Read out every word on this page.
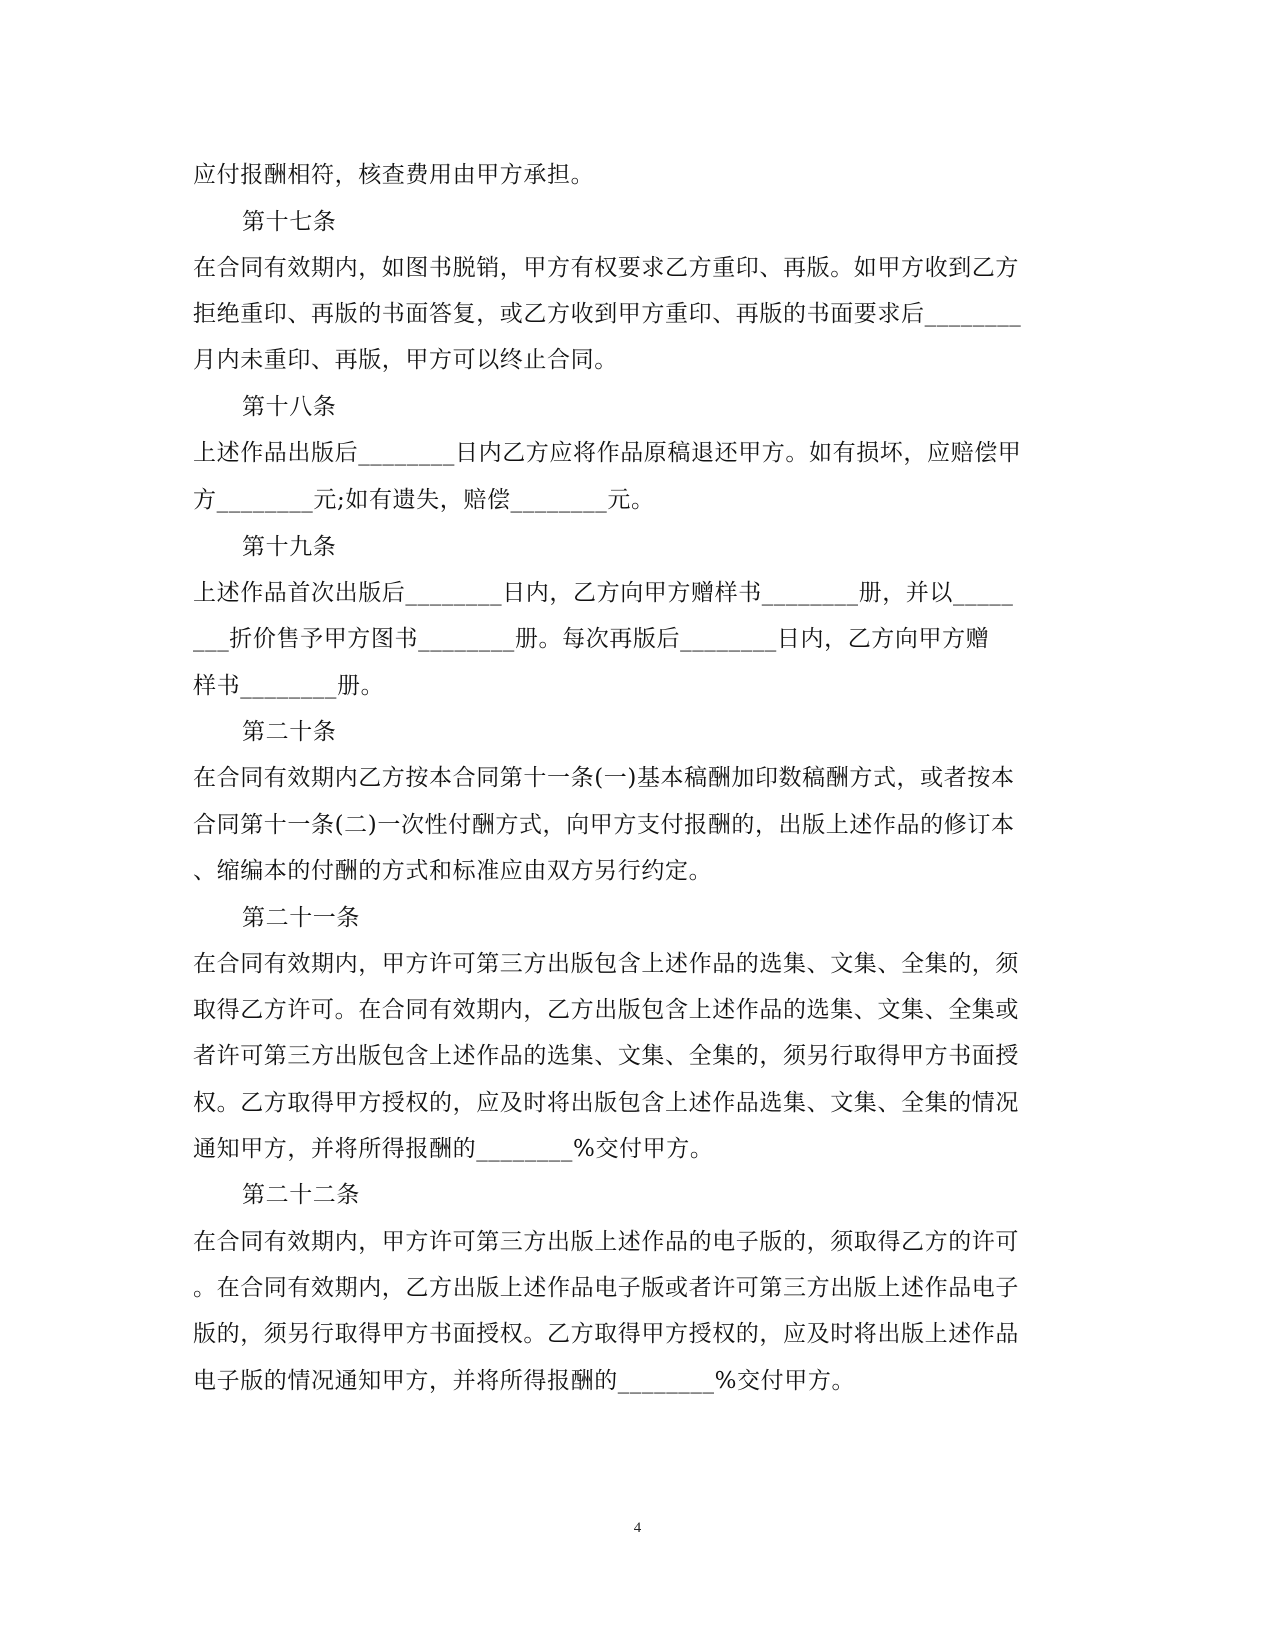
应付报酬相符，核查费用由甲方承担。
第十七条
在合同有效期内，如图书脱销，甲方有权要求乙方重印、再版。如甲方收到乙方
拒绝重印、再版的书面答复，或乙方收到甲方重印、再版的书面要求后________
月内未重印、再版，甲方可以终止合同。
第十八条
上述作品出版后________日内乙方应将作品原稿退还甲方。如有损坏，应赔偿甲
方________元;如有遗失，赔偿________元。
第十九条
上述作品首次出版后________日内，乙方向甲方赠样书________册，并以_____
___折价售予甲方图书________册。每次再版后________日内，乙方向甲方赠
样书________册。
第二十条
在合同有效期内乙方按本合同第十一条(一)基本稿酬加印数稿酬方式，或者按本
合同第十一条(二)一次性付酬方式，向甲方支付报酬的，出版上述作品的修订本
、缩编本的付酬的方式和标准应由双方另行约定。
第二十一条
在合同有效期内，甲方许可第三方出版包含上述作品的选集、文集、全集的，须
取得乙方许可。在合同有效期内，乙方出版包含上述作品的选集、文集、全集或
者许可第三方出版包含上述作品的选集、文集、全集的，须另行取得甲方书面授
权。乙方取得甲方授权的，应及时将出版包含上述作品选集、文集、全集的情况
通知甲方，并将所得报酬的________%交付甲方。
第二十二条
在合同有效期内，甲方许可第三方出版上述作品的电子版的，须取得乙方的许可
。在合同有效期内，乙方出版上述作品电子版或者许可第三方出版上述作品电子
版的，须另行取得甲方书面授权。乙方取得甲方授权的，应及时将出版上述作品
电子版的情况通知甲方，并将所得报酬的________%交付甲方。
4
